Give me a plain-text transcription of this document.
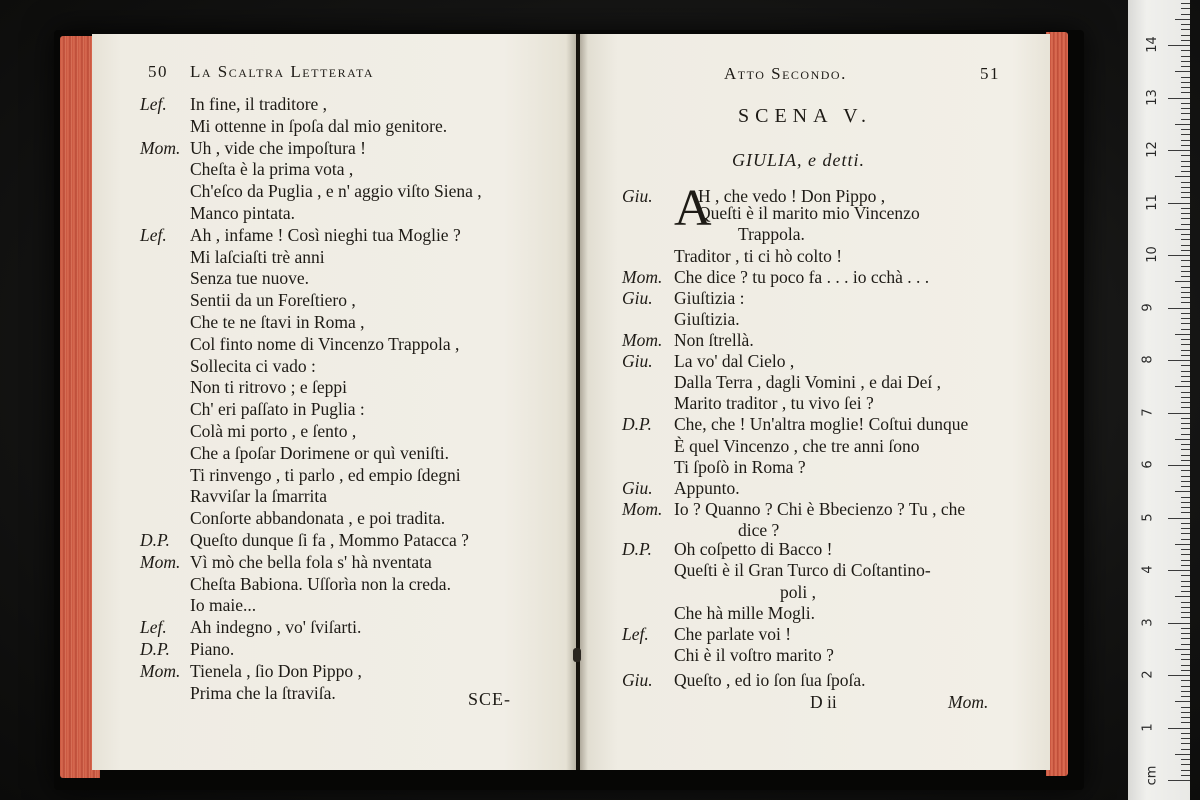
50 La Scaltra Letterata
Lef. In fine, il traditore ,
Mi ottenne in ſpoſa dal mio genitore.
Mom. Uh , vide che impoſtura !
Cheſta è la prima vota ,
Ch'eſco da Puglia , e n' aggio viſto Siena ,
Manco pintata.
Lef. Ah , infame ! Così nieghi tua Moglie ?
Mi laſciaſti trè anni
Senza tue nuove.
Sentii da un Foreſtiero ,
Che te ne ſtavi in Roma ,
Col finto nome di Vincenzo Trappola ,
Sollecita ci vado :
Non ti ritrovo ; e ſeppi
Ch' eri paſſato in Puglia :
Colà mi porto , e ſento ,
Che a ſpoſar Dorimene or quì veniſti.
Ti rinvengo , ti parlo , ed empio ſdegni
Ravviſar la ſmarrita
Conſorte abbandonata , e poi tradita.
D.P. Queſto dunque ſi fa , Mommo Patacca ?
Mom. Vì mò che bella fola s' hà nventata
Cheſta Babiona. Uſſorìa non la creda.
Io maie...
Lef. Ah indegno , vo' ſviſarti.
D.P. Piano.
Mom. Tienela , ſio Don Pippo ,
Prima che la ſtraviſa.	SCE-
Atto Secondo.	51
SCENA V.
GIULIA, e detti.
A
Giu.	H , che vedo ! Don Pippo ,
Queſti è il marito mio Vincenzo
Trappola.
Traditor , ti ci hò colto !
Mom. Che dice ? tu poco fa . . . io cchà . . .
Giu. Giuſtizia :
Giuſtizia.
Mom. Non ſtrellà.
Giu. La vo' dal Cielo ,
Dalla Terra , dagli Vomini , e dai Deí ,
Marito traditor , tu vivo ſei ?
D.P. Che, che ! Un'altra moglie! Coſtui dunque
È quel Vincenzo , che tre anni ſono
Ti ſpoſò in Roma ?
Giu. Appunto.
Mom. Io ? Quanno ? Chi è Bbecienzo ? Tu , che
dice ?
D.P. Oh coſpetto di Bacco !
Queſti è il Gran Turco di Coſtantino-
poli ,
Che hà mille Mogli.
Lef. Che parlate voi !
Chi è il voſtro marito ?
Giu. Queſto , ed io ſon ſua ſpoſa.
D ii	Mom.
cm
1
2
3
4
5
6
7
8
9
10
11
12
13
14
